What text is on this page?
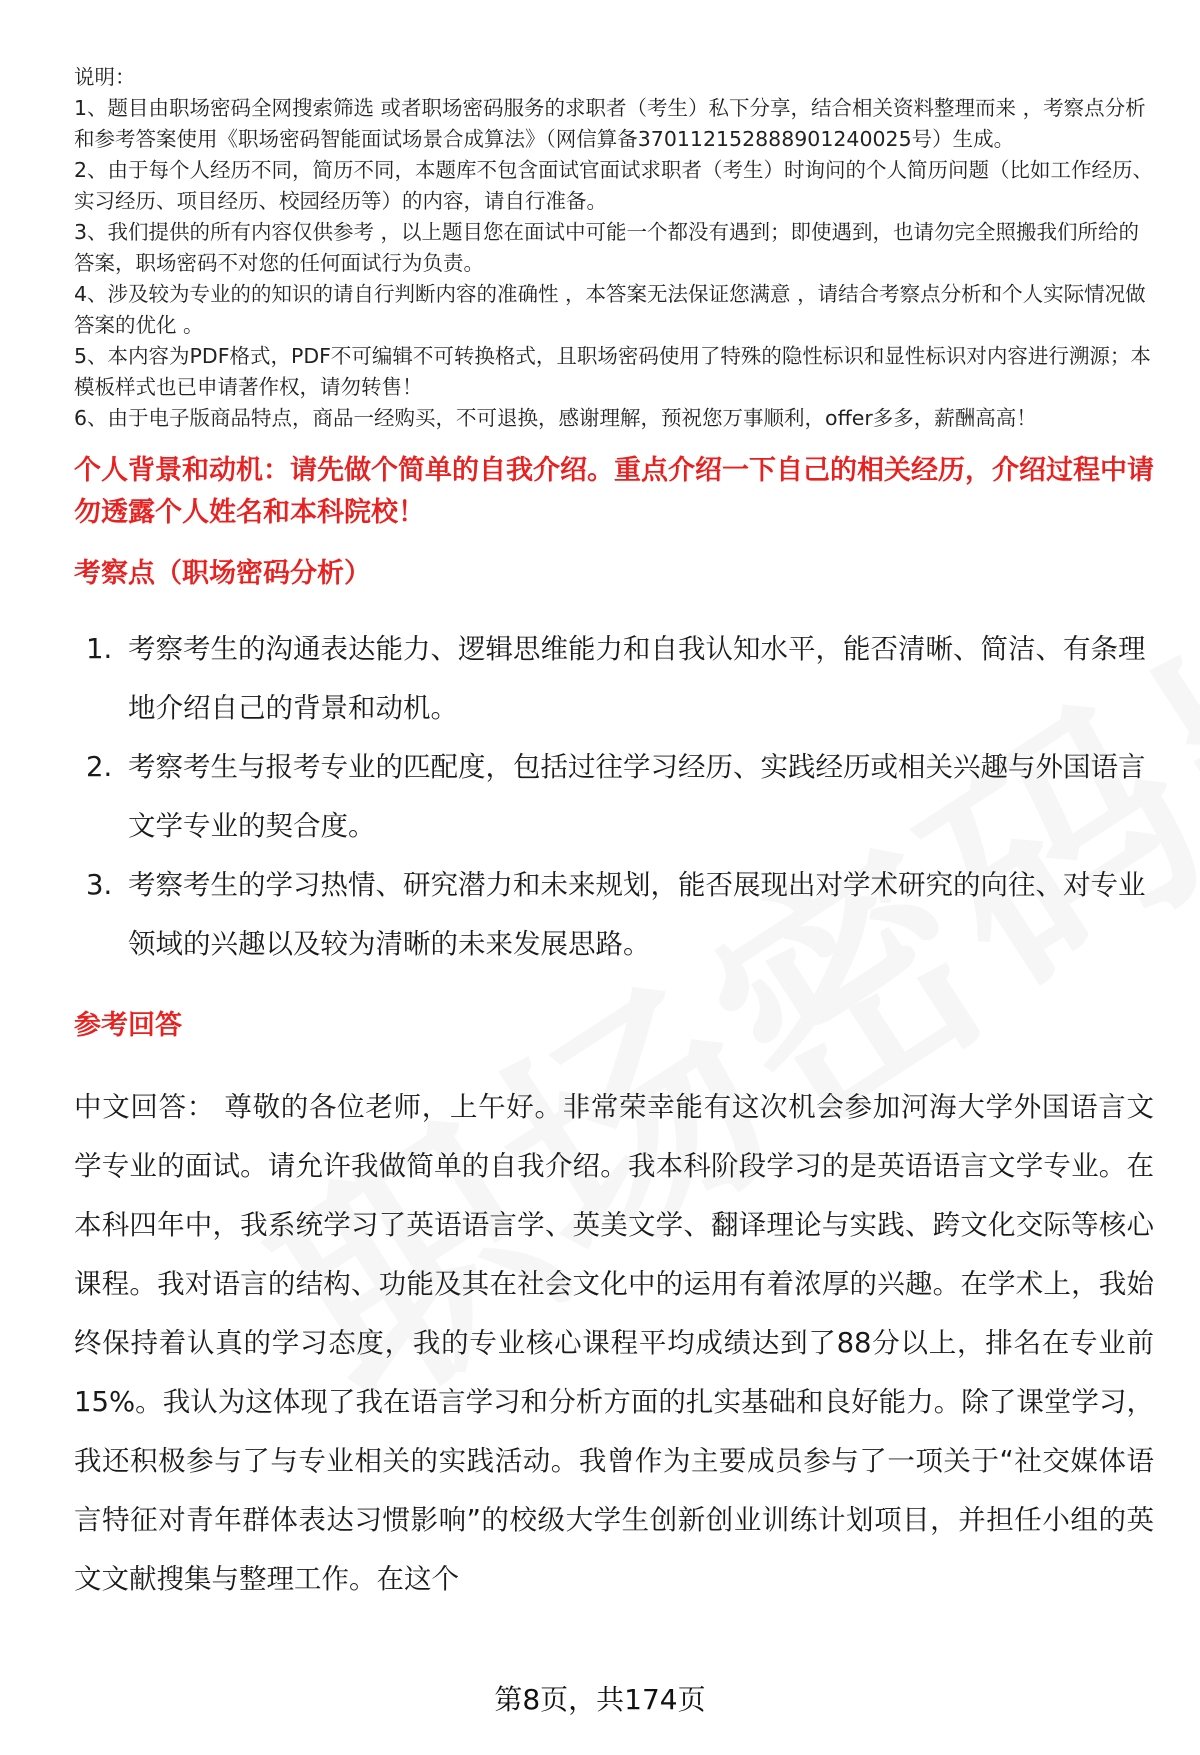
说明：

1、题目由职场密码全网搜索筛选 或者职场密码服务的求职者（考生）私下分享，结合相关资料整理而来 ，考察点分析和参考答案使用《职场密码智能面试场景合成算法》（网信算备370112152888901240025号）生成。

2、由于每个人经历不同，简历不同，本题库不包含面试官面试求职者（考生）时询问的个人简历问题（比如工作经历、实习经历、项目经历、校园经历等）的内容，请自行准备。

3、我们提供的所有内容仅供参考 ，以上题目您在面试中可能一个都没有遇到；即使遇到，也请勿完全照搬我们所给的答案，职场密码不对您的任何面试行为负责。

4、涉及较为专业的的知识的请自行判断内容的准确性 ，本答案无法保证您满意 ，请结合考察点分析和个人实际情况做答案的优化 。

5、本内容为PDF格式，PDF不可编辑不可转换格式，且职场密码使用了特殊的隐性标识和显性标识对内容进行溯源；本模板样式也已申请著作权，请勿转售！

6、由于电子版商品特点，商品一经购买，不可退换，感谢理解，预祝您万事顺利，offer多多，薪酬高高！

个人背景和动机：请先做个简单的自我介绍。重点介绍一下自己的相关经历，介绍过程中请勿透露个人姓名和本科院校！
考察点（职场密码分析）
1. 考察考生的沟通表达能力、逻辑思维能力和自我认知水平，能否清晰、简洁、有条理地介绍自己的背景和动机。
2. 考察考生与报考专业的匹配度，包括过往学习经历、实践经历或相关兴趣与外国语言文学专业的契合度。
3. 考察考生的学习热情、研究潜力和未来规划，能否展现出对学术研究的向往、对专业领域的兴趣以及较为清晰的未来发展思路。
参考回答

中文回答： 尊敬的各位老师，上午好。非常荣幸能有这次机会参加河海大学外国语言文学专业的面试。请允许我做简单的自我介绍。我本科阶段学习的是英语语言文学专业。在本科四年中，我系统学习了英语语言学、英美文学、翻译理论与实践、跨文化交际等核心课程。我对语言的结构、功能及其在社会文化中的运用有着浓厚的兴趣。在学术上，我始终保持着认真的学习态度，我的专业核心课程平均成绩达到了88分以上，排名在专业前15%。我认为这体现了我在语言学习和分析方面的扎实基础和良好能力。除了课堂学习，我还积极参与了与专业相关的实践活动。我曾作为主要成员参与了一项关于“社交媒体语言特征对青年群体表达习惯影响”的校级大学生创新创业训练计划项目，并担任小组的英文文献搜集与整理工作。在这个

第8页，共174页
